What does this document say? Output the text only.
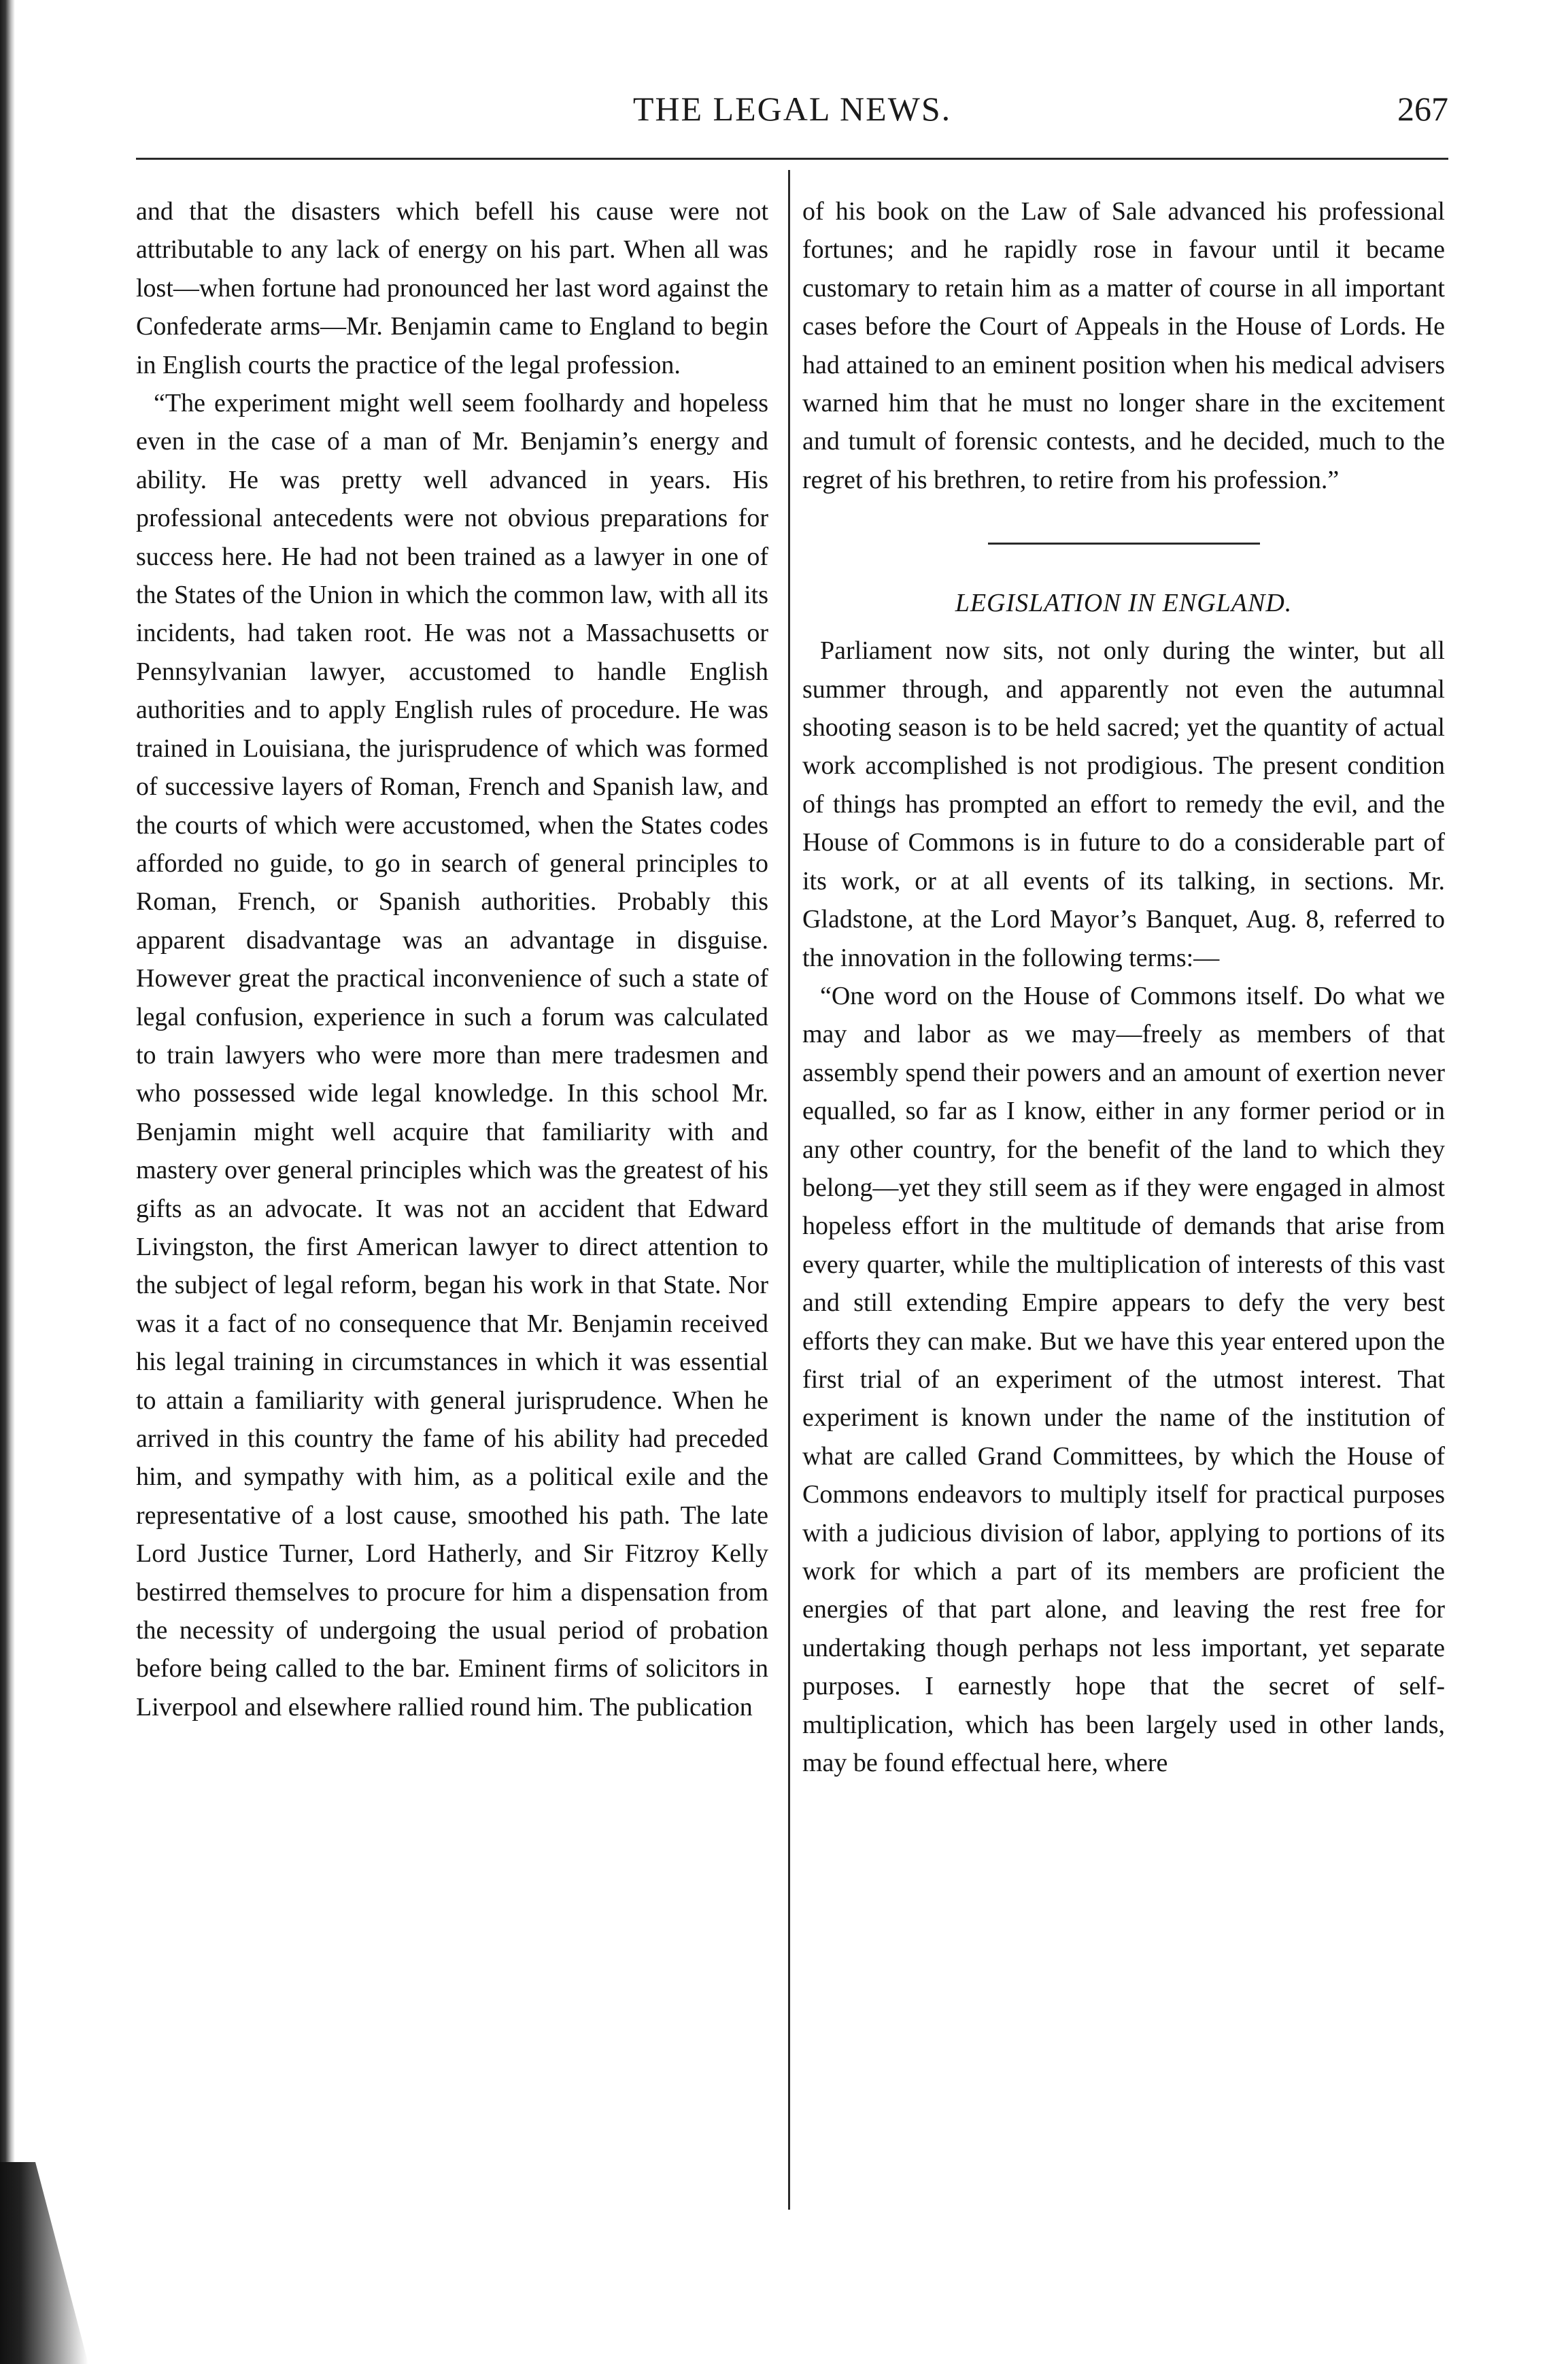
THE LEGAL NEWS.	267

and that the disasters which befell his cause were not attributable to any lack of energy on his part. When all was lost—when fortune had pronounced her last word against the Confederate arms—Mr. Benjamin came to England to begin in English courts the practice of the legal profession.

“The experiment might well seem foolhardy and hopeless even in the case of a man of Mr. Benjamin’s energy and ability. He was pretty well advanced in years. His professional antecedents were not obvious preparations for success here. He had not been trained as a lawyer in one of the States of the Union in which the common law, with all its incidents, had taken root. He was not a Massachusetts or Pennsylvanian lawyer, accustomed to handle English authorities and to apply English rules of procedure. He was trained in Louisiana, the jurisprudence of which was formed of successive layers of Roman, French and Spanish law, and the courts of which were accustomed, when the States codes afforded no guide, to go in search of general principles to Roman, French, or Spanish authorities. Probably this apparent disadvantage was an advantage in disguise. However great the practical inconvenience of such a state of legal confusion, experience in such a forum was calculated to train lawyers who were more than mere tradesmen and who possessed wide legal knowledge. In this school Mr. Benjamin might well acquire that familiarity with and mastery over general principles which was the greatest of his gifts as an advocate. It was not an accident that Edward Livingston, the first American lawyer to direct attention to the subject of legal reform, began his work in that State. Nor was it a fact of no consequence that Mr. Benjamin received his legal training in circumstances in which it was essential to attain a familiarity with general jurisprudence. When he arrived in this country the fame of his ability had preceded him, and sympathy with him, as a political exile and the representative of a lost cause, smoothed his path. The late Lord Justice Turner, Lord Hatherly, and Sir Fitzroy Kelly bestirred themselves to procure for him a dispensation from the necessity of undergoing the usual period of probation before being called to the bar. Eminent firms of solicitors in Liverpool and elsewhere rallied round him. The publication

of his book on the Law of Sale advanced his professional fortunes; and he rapidly rose in favour until it became customary to retain him as a matter of course in all important cases before the Court of Appeals in the House of Lords. He had attained to an eminent position when his medical advisers warned him that he must no longer share in the excitement and tumult of forensic contests, and he decided, much to the regret of his brethren, to retire from his profession.”

LEGISLATION IN ENGLAND.

Parliament now sits, not only during the winter, but all summer through, and apparently not even the autumnal shooting season is to be held sacred; yet the quantity of actual work accomplished is not prodigious. The present condition of things has prompted an effort to remedy the evil, and the House of Commons is in future to do a considerable part of its work, or at all events of its talking, in sections. Mr. Gladstone, at the Lord Mayor’s Banquet, Aug. 8, referred to the innovation in the following terms:—

“One word on the House of Commons itself. Do what we may and labor as we may—freely as members of that assembly spend their powers and an amount of exertion never equalled, so far as I know, either in any former period or in any other country, for the benefit of the land to which they belong—yet they still seem as if they were engaged in almost hopeless effort in the multitude of demands that arise from every quarter, while the multiplication of interests of this vast and still extending Empire appears to defy the very best efforts they can make. But we have this year entered upon the first trial of an experiment of the utmost interest. That experiment is known under the name of the institution of what are called Grand Committees, by which the House of Commons endeavors to multiply itself for practical purposes with a judicious division of labor, applying to portions of its work for which a part of its members are proficient the energies of that part alone, and leaving the rest free for undertaking though perhaps not less important, yet separate purposes. I earnestly hope that the secret of self-multiplication, which has been largely used in other lands, may be found effectual here, where
